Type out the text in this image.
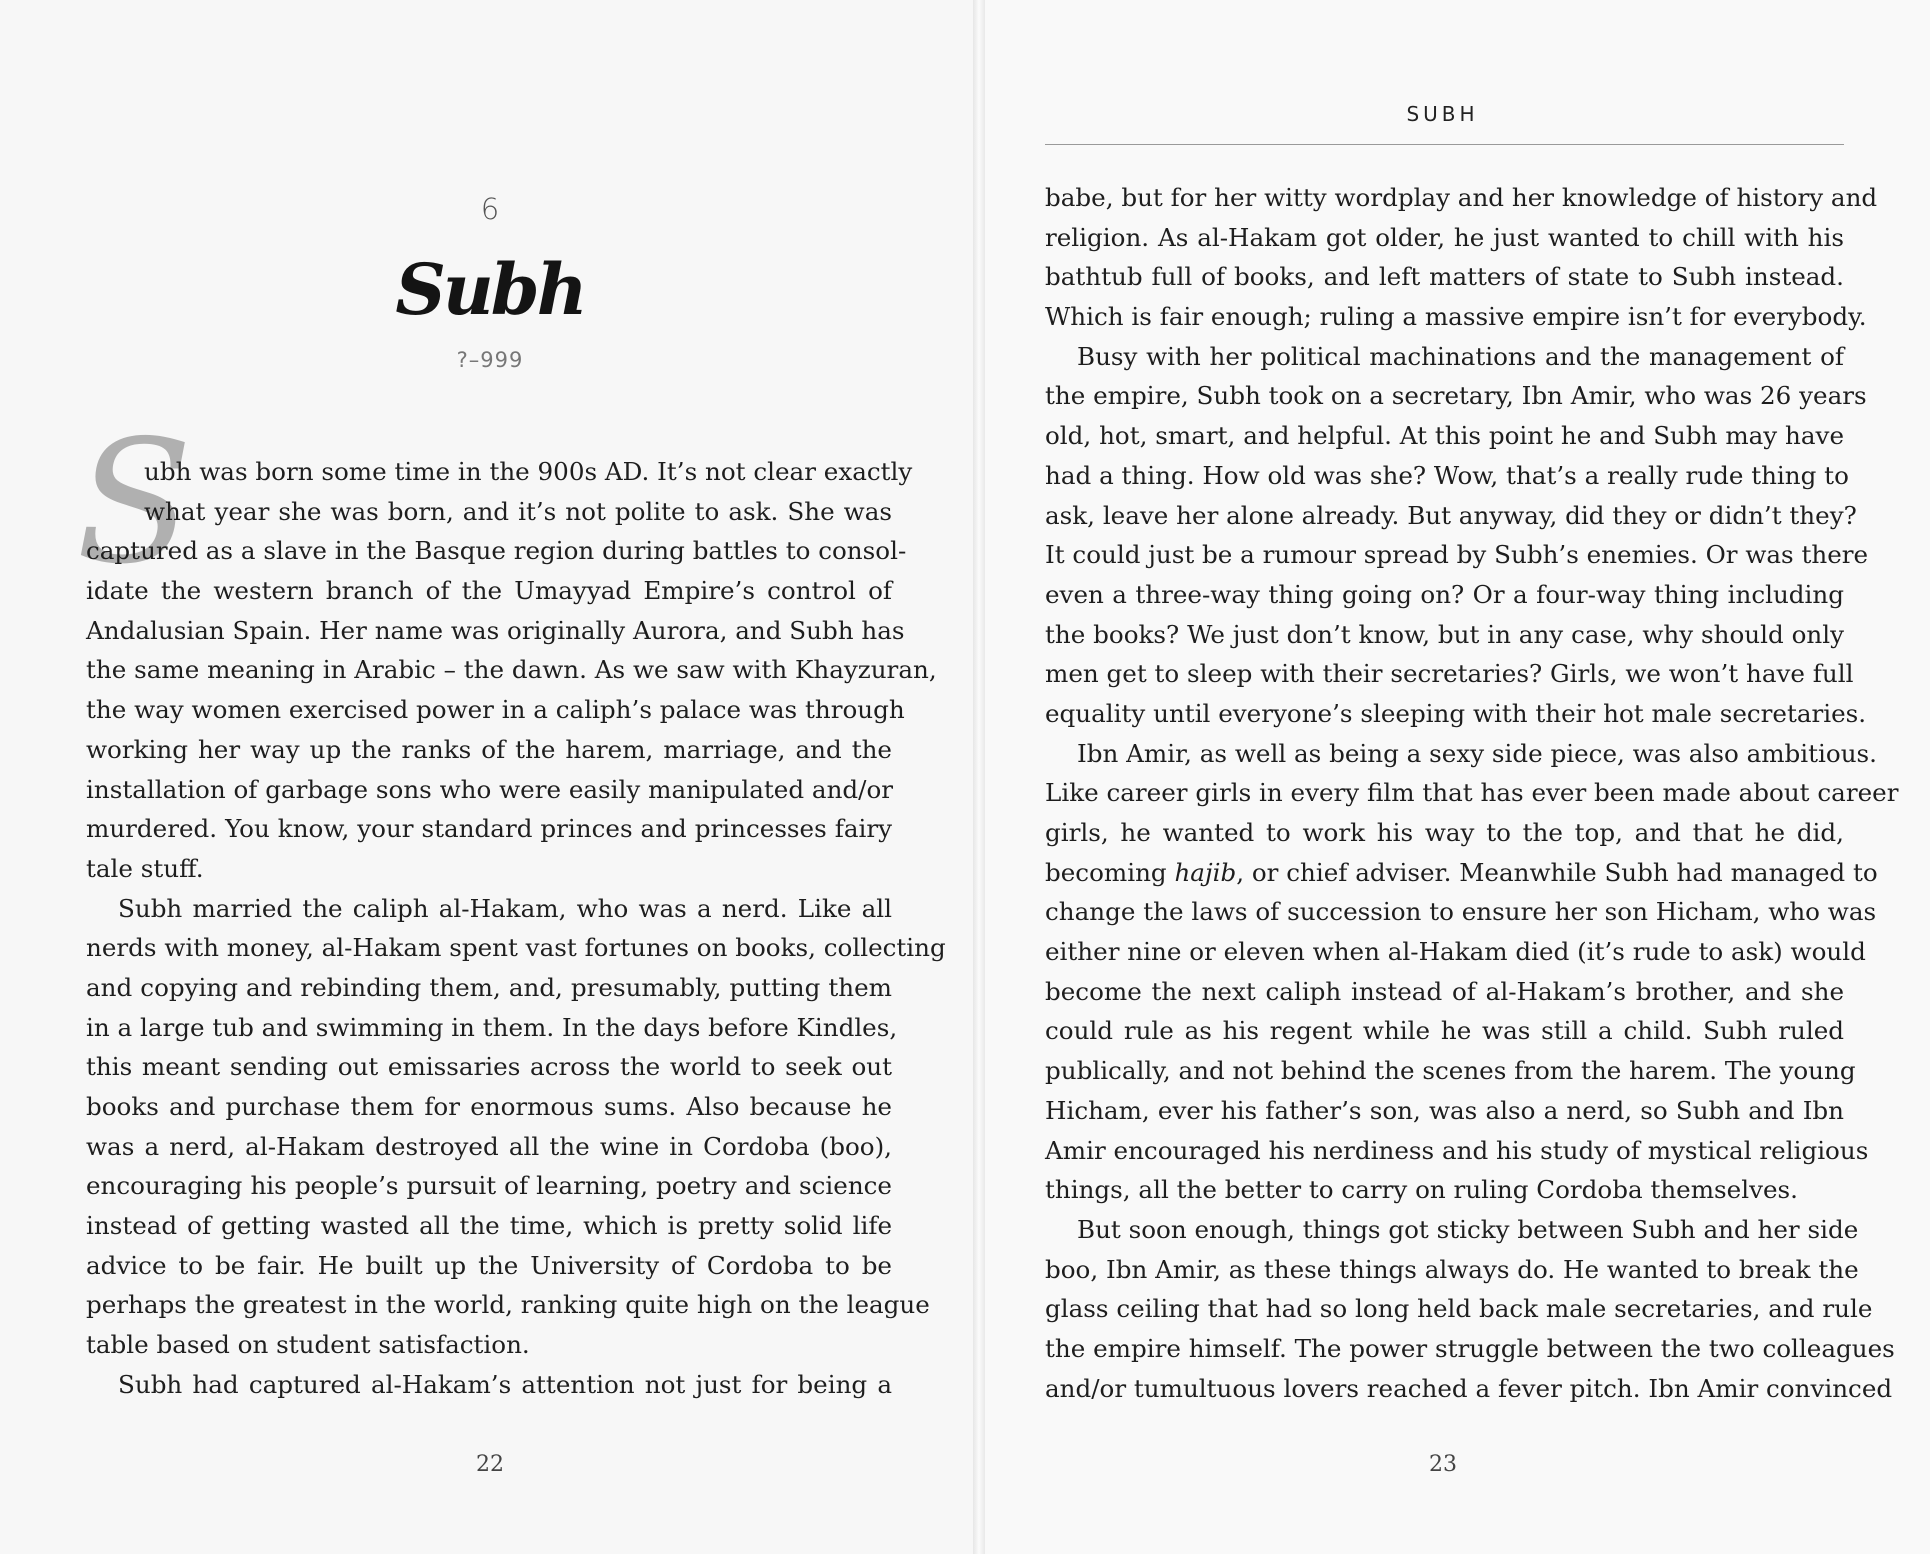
6
Subh
?–999
S
ubh was born some time in the 900s AD. It’s not clear exactly
what year she was born, and it’s not polite to ask. She was
captured as a slave in the Basque region during battles to consol-
idate the western branch of the Umayyad Empire’s control of
Andalusian Spain. Her name was originally Aurora, and Subh has
the same meaning in Arabic – the dawn. As we saw with Khayzuran,
the way women exercised power in a caliph’s palace was through
working her way up the ranks of the harem, marriage, and the
installation of garbage sons who were easily manipulated and/or
murdered. You know, your standard princes and princesses fairy
tale stuff.
Subh married the caliph al-Hakam, who was a nerd. Like all
nerds with money, al-Hakam spent vast fortunes on books, collecting
and copying and rebinding them, and, presumably, putting them
in a large tub and swimming in them. In the days before Kindles,
this meant sending out emissaries across the world to seek out
books and purchase them for enormous sums. Also because he
was a nerd, al-Hakam destroyed all the wine in Cordoba (boo),
encouraging his people’s pursuit of learning, poetry and science
instead of getting wasted all the time, which is pretty solid life
advice to be fair. He built up the University of Cordoba to be
perhaps the greatest in the world, ranking quite high on the league
table based on student satisfaction.
Subh had captured al-Hakam’s attention not just for being a
22
SUBH
babe, but for her witty wordplay and her knowledge of history and
religion. As al-Hakam got older, he just wanted to chill with his
bathtub full of books, and left matters of state to Subh instead.
Which is fair enough; ruling a massive empire isn’t for everybody.
Busy with her political machinations and the management of
the empire, Subh took on a secretary, Ibn Amir, who was 26 years
old, hot, smart, and helpful. At this point he and Subh may have
had a thing. How old was she? Wow, that’s a really rude thing to
ask, leave her alone already. But anyway, did they or didn’t they?
It could just be a rumour spread by Subh’s enemies. Or was there
even a three-way thing going on? Or a four-way thing including
the books? We just don’t know, but in any case, why should only
men get to sleep with their secretaries? Girls, we won’t have full
equality until everyone’s sleeping with their hot male secretaries.
Ibn Amir, as well as being a sexy side piece, was also ambitious.
Like career girls in every film that has ever been made about career
girls, he wanted to work his way to the top, and that he did,
becoming hajib, or chief adviser. Meanwhile Subh had managed to
change the laws of succession to ensure her son Hicham, who was
either nine or eleven when al-Hakam died (it’s rude to ask) would
become the next caliph instead of al-Hakam’s brother, and she
could rule as his regent while he was still a child. Subh ruled
publically, and not behind the scenes from the harem. The young
Hicham, ever his father’s son, was also a nerd, so Subh and Ibn
Amir encouraged his nerdiness and his study of mystical religious
things, all the better to carry on ruling Cordoba themselves.
But soon enough, things got sticky between Subh and her side
boo, Ibn Amir, as these things always do. He wanted to break the
glass ceiling that had so long held back male secretaries, and rule
the empire himself. The power struggle between the two colleagues
and/or tumultuous lovers reached a fever pitch. Ibn Amir convinced
23
